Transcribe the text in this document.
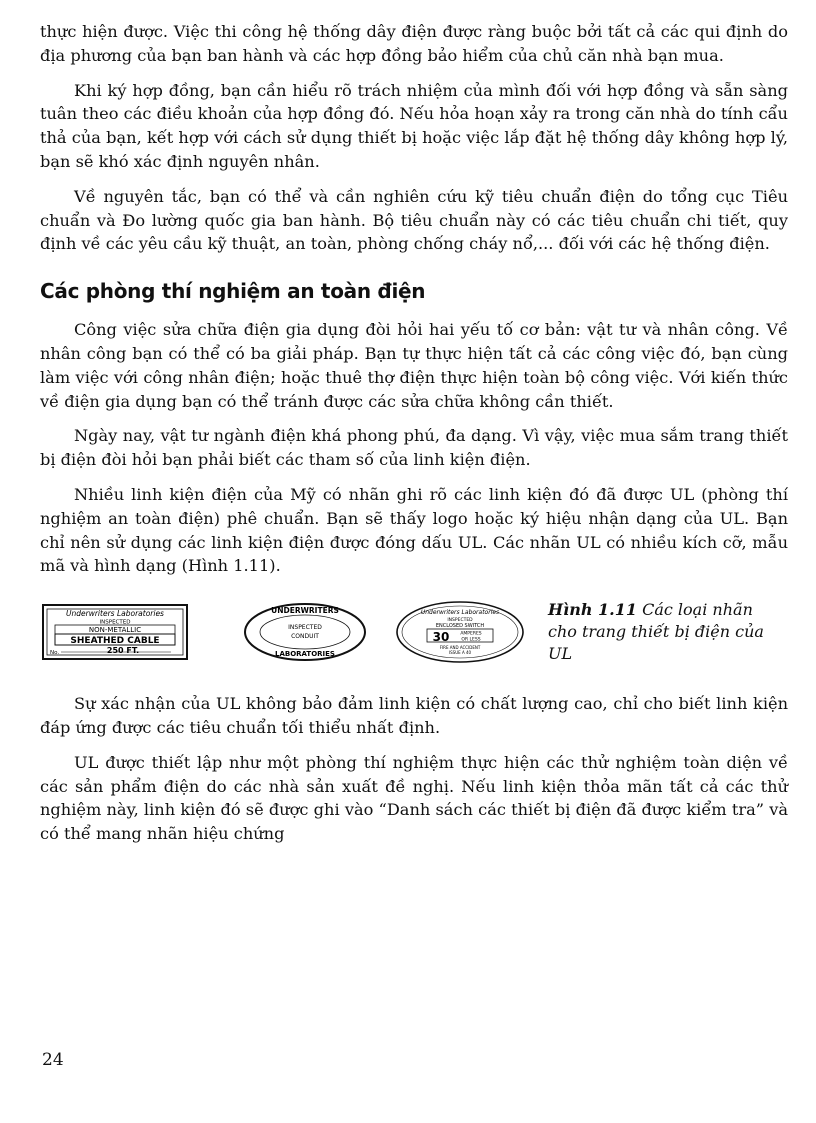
thực hiện được. Việc thi công hệ thống dây điện được ràng buộc bởi tất cả các qui định do địa phương của bạn ban hành và các hợp đồng bảo hiểm của chủ căn nhà bạn mua.

Khi ký hợp đồng, bạn cần hiểu rõ trách nhiệm của mình đối với hợp đồng và sẵn sàng tuân theo các điều khoản của hợp đồng đó. Nếu hỏa hoạn xảy ra trong căn nhà do tính cẩu thả của bạn, kết hợp với cách sử dụng thiết bị hoặc việc lắp đặt hệ thống dây không hợp lý, bạn sẽ khó xác định nguyên nhân.

Về nguyên tắc, bạn có thể và cần nghiên cứu kỹ tiêu chuẩn điện do tổng cục Tiêu chuẩn và Đo lường quốc gia ban hành. Bộ tiêu chuẩn này có các tiêu chuẩn chi tiết, quy định về các yêu cầu kỹ thuật, an toàn, phòng chống cháy nổ,... đối với các hệ thống điện.

Các phòng thí nghiệm an toàn điện

Công việc sửa chữa điện gia dụng đòi hỏi hai yếu tố cơ bản: vật tư và nhân công. Về nhân công bạn có thể có ba giải pháp. Bạn tự thực hiện tất cả các công việc đó, bạn cùng làm việc với công nhân điện; hoặc thuê thợ điện thực hiện toàn bộ công việc. Với kiến thức về điện gia dụng bạn có thể tránh được các sửa chữa không cần thiết.

Ngày nay, vật tư ngành điện khá phong phú, đa dạng. Vì vậy, việc mua sắm trang thiết bị điện đòi hỏi bạn phải biết các tham số của linh kiện điện.

Nhiều linh kiện điện của Mỹ có nhãn ghi rõ các linh kiện đó đã được UL (phòng thí nghiệm an toàn điện) phê chuẩn. Bạn sẽ thấy logo hoặc ký hiệu nhận dạng của UL. Bạn chỉ nên sử dụng các linh kiện điện được đóng dấu UL. Các nhãn UL có nhiều kích cỡ, mẫu mã và hình dạng (Hình 1.11).

Underwriters Laboratories
INSPECTED
NON-METALLIC
SHEATHED CABLE
No.	250 FT.
UNDERWRITERS
INSPECTED
CONDUIT
LABORATORIES
Underwriters Laboratories
INSPECTED
ENCLOSED SWITCH
30 AMPERES
OR LESS
FIRE AND ACCIDENT
ISSUE A 40
Hình 1.11 Các loại nhãn cho trang thiết bị điện của UL

Sự xác nhận của UL không bảo đảm linh kiện có chất lượng cao, chỉ cho biết linh kiện đáp ứng được các tiêu chuẩn tối thiểu nhất định.

UL được thiết lập như một phòng thí nghiệm thực hiện các thử nghiệm toàn diện về các sản phẩm điện do các nhà sản xuất đề nghị. Nếu linh kiện thỏa mãn tất cả các thử nghiệm này, linh kiện đó sẽ được ghi vào “Danh sách các thiết bị điện đã được kiểm tra” và có thể mang nhãn hiệu chứng

24
